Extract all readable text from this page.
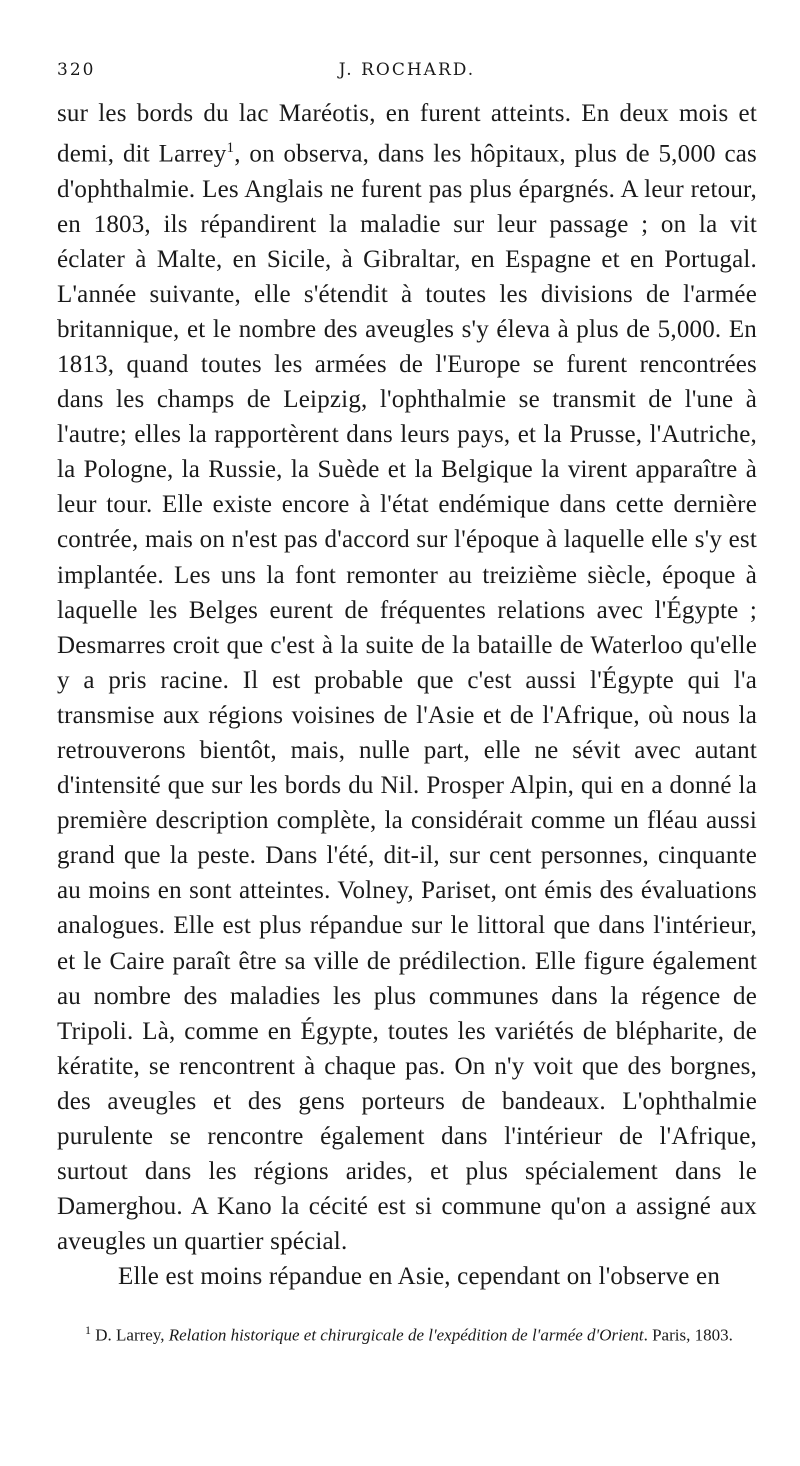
320	J. ROCHARD.

sur les bords du lac Maréotis, en furent atteints. En deux mois et demi, dit Larrey$^1$, on observa, dans les hôpitaux, plus de 5,000 cas d'ophthalmie. Les Anglais ne furent pas plus épargnés. A leur retour, en 1803, ils répandirent la maladie sur leur passage ; on la vit éclater à Malte, en Sicile, à Gibraltar, en Espagne et en Portugal. L'année suivante, elle s'étendit à toutes les divisions de l'armée britannique, et le nombre des aveugles s'y éleva à plus de 5,000. En 1813, quand toutes les armées de l'Europe se furent rencontrées dans les champs de Leipzig, l'ophthalmie se transmit de l'une à l'autre; elles la rapportèrent dans leurs pays, et la Prusse, l'Autriche, la Pologne, la Russie, la Suède et la Belgique la virent apparaître à leur tour. Elle existe encore à l'état endémique dans cette dernière contrée, mais on n'est pas d'accord sur l'époque à laquelle elle s'y est implantée. Les uns la font remonter au treizième siècle, époque à laquelle les Belges eurent de fréquentes relations avec l'Égypte ; Desmarres croit que c'est à la suite de la bataille de Waterloo qu'elle y a pris racine. Il est probable que c'est aussi l'Égypte qui l'a transmise aux régions voisines de l'Asie et de l'Afrique, où nous la retrouverons bientôt, mais, nulle part, elle ne sévit avec autant d'intensité que sur les bords du Nil. Prosper Alpin, qui en a donné la première description complète, la considérait comme un fléau aussi grand que la peste. Dans l'été, dit-il, sur cent personnes, cinquante au moins en sont atteintes. Volney, Pariset, ont émis des évaluations analogues. Elle est plus répandue sur le littoral que dans l'intérieur, et le Caire paraît être sa ville de prédilection. Elle figure également au nombre des maladies les plus communes dans la régence de Tripoli. Là, comme en Égypte, toutes les variétés de blépharite, de kératite, se rencontrent à chaque pas. On n'y voit que des borgnes, des aveugles et des gens porteurs de bandeaux. L'ophthalmie purulente se rencontre également dans l'intérieur de l'Afrique, surtout dans les régions arides, et plus spécialement dans le Damerghou. A Kano la cécité est si commune qu'on a assigné aux aveugles un quartier spécial.

Elle est moins répandue en Asie, cependant on l'observe en

$^1$ D. Larrey, Relation historique et chirurgicale de l'expédition de l'armée d'Orient. Paris, 1803.
